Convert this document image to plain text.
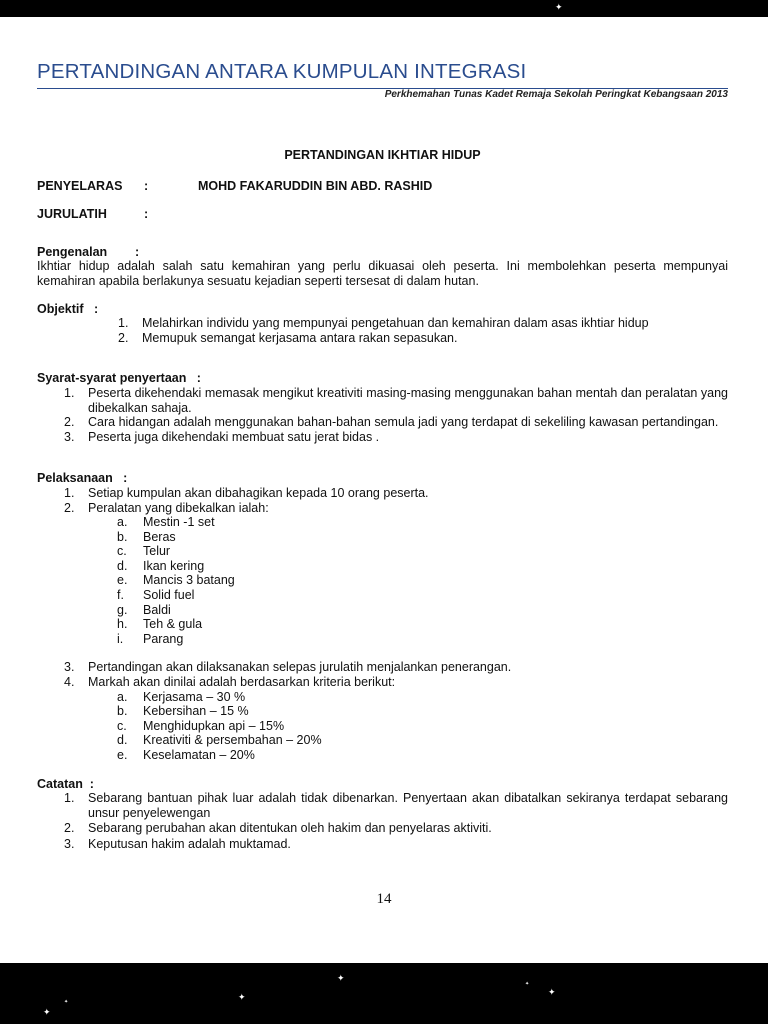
✦
✦
✦	✦
✦
✦
✦
PERTANDINGAN ANTARA KUMPULAN INTEGRASI
Perkhemahan Tunas Kadet Remaja Sekolah Peringkat Kebangsaan 2013
PERTANDINGAN IKHTIAR HIDUP
PENYELARAS	:	MOHD FAKARUDDIN BIN ABD. RASHID
JURULATIH	:

Pengenalan        :

Ikhtiar hidup adalah salah satu kemahiran yang perlu dikuasai oleh peserta. Ini membolehkan peserta mempunyai kemahiran apabila berlakunya sesuatu kejadian seperti tersesat di dalam hutan.

Objektif   :

1.	Melahirkan individu yang mempunyai pengetahuan dan kemahiran dalam asas ikhtiar hidup
2.	Memupuk semangat kerjasama antara rakan sepasukan.

Syarat-syarat penyertaan   :

1.	Peserta dikehendaki memasak mengikut kreativiti masing-masing menggunakan bahan mentah dan peralatan yang dibekalkan sahaja.
2.	Cara hidangan adalah menggunakan bahan-bahan semula jadi yang terdapat di sekeliling kawasan pertandingan.
3.	Peserta juga dikehendaki membuat satu jerat bidas .

Pelaksanaan   :

1.	Setiap kumpulan akan dibahagikan kepada 10 orang peserta.
2.	Peralatan yang dibekalkan ialah:
a.	Mestin -1 set
b.	Beras
c.	Telur
d.	Ikan kering
e.	Mancis 3 batang
f.	Solid fuel
g.	Baldi
h.	Teh & gula
i.	Parang
3.	Pertandingan akan dilaksanakan selepas jurulatih menjalankan penerangan.
4.	Markah akan dinilai adalah berdasarkan kriteria berikut:
a.	Kerjasama – 30 %
b.	Kebersihan – 15 %
c.	Menghidupkan api – 15%
d.	Kreativiti & persembahan – 20%
e.	Keselamatan – 20%

Catatan  :

1.	Sebarang bantuan pihak luar adalah tidak dibenarkan. Penyertaan akan dibatalkan sekiranya terdapat sebarang unsur penyelewengan
2.	Sebarang perubahan akan ditentukan oleh hakim dan penyelaras aktiviti.
3.	Keputusan hakim adalah muktamad.
14
